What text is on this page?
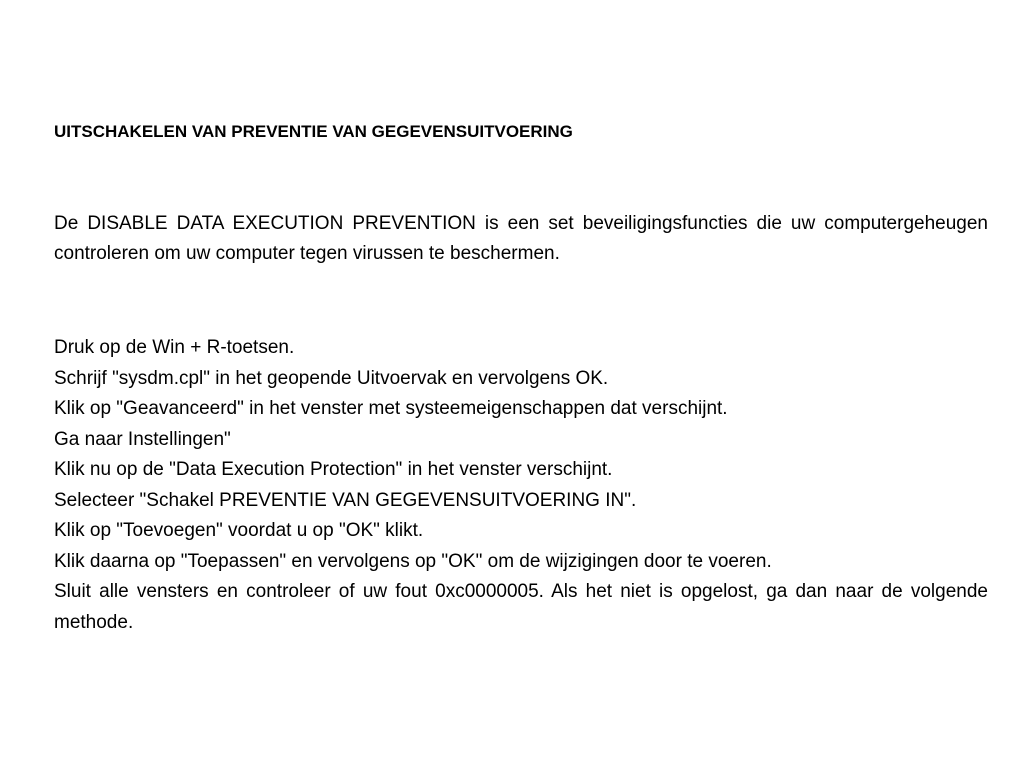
UITSCHAKELEN VAN PREVENTIE VAN GEGEVENSUITVOERING

De DISABLE DATA EXECUTION PREVENTION is een set beveiligingsfuncties die uw computergeheugen controleren om uw computer tegen virussen te beschermen.

Druk op de Win + R-toetsen.
Schrijf "sysdm.cpl" in het geopende Uitvoervak en vervolgens OK.
Klik op "Geavanceerd" in het venster met systeemeigenschappen dat verschijnt.
Ga naar Instellingen"
Klik nu op de "Data Execution Protection" in het venster verschijnt.
Selecteer "Schakel PREVENTIE VAN GEGEVENSUITVOERING IN".
Klik op "Toevoegen" voordat u op "OK" klikt.
Klik daarna op "Toepassen" en vervolgens op "OK" om de wijzigingen door te voeren.
Sluit alle vensters en controleer of uw fout 0xc0000005. Als het niet is opgelost, ga dan naar de volgende methode.
